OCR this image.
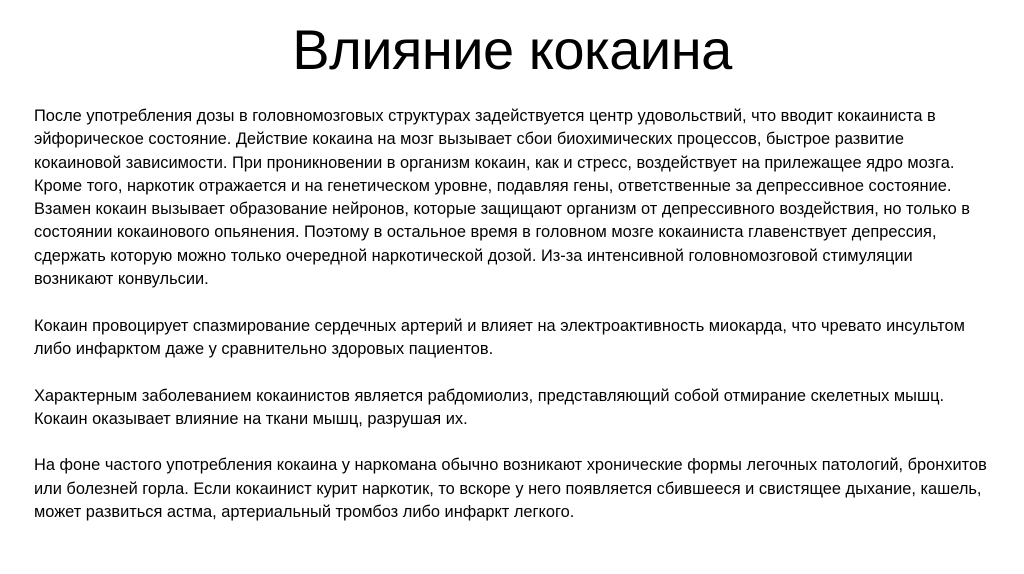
Влияние кокаина

После употребления дозы в головномозговых структурах задействуется центр удовольствий, что вводит кокаиниста в эйфорическое состояние. Действие кокаина на мозг вызывает сбои биохимических процессов, быстрое развитие кокаиновой зависимости. При проникновении в организм кокаин, как и стресс, воздействует на прилежащее ядро мозга. Кроме того, наркотик отражается и на генетическом уровне, подавляя гены, ответственные за депрессивное состояние.

Взамен кокаин вызывает образование нейронов, которые защищают организм от депрессивного воздействия, но только в состоянии кокаинового опьянения. Поэтому в остальное время в головном мозге кокаиниста главенствует депрессия, сдержать которую можно только очередной наркотической дозой. Из-за интенсивной головномозговой стимуляции возникают конвульсии.

Кокаин провоцирует спазмирование сердечных артерий и влияет на электроактивность миокарда, что чревато инсультом либо инфарктом даже у сравнительно здоровых пациентов.

Характерным заболеванием кокаинистов является рабдомиолиз, представляющий собой отмирание скелетных мышц. Кокаин оказывает влияние на ткани мышц, разрушая их.

На фоне частого употребления кокаина у наркомана обычно возникают хронические формы легочных патологий, бронхитов или болезней горла. Если кокаинист курит наркотик, то вскоре у него появляется сбившееся и свистящее дыхание, кашель, может развиться астма, артериальный тромбоз либо инфаркт легкого.
